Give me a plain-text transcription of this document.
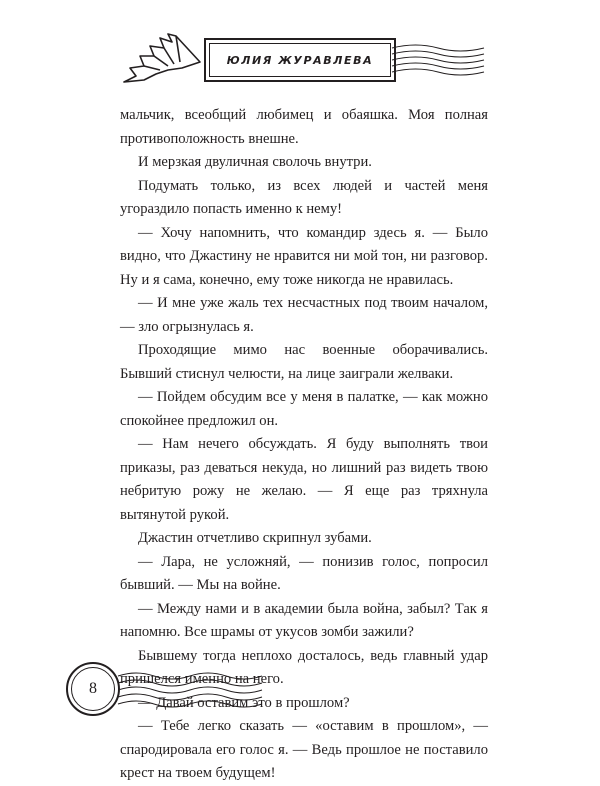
ЮЛИЯ ЖУРАВЛЕВА

мальчик, всеобщий любимец и обаяшка. Моя полная противоположность внешне.

И мерзкая двуличная сволочь внутри.

Подумать только, из всех людей и частей меня угораздило попасть именно к нему!

— Хочу напомнить, что командир здесь я. — Было видно, что Джастину не нравится ни мой тон, ни разговор. Ну и я сама, конечно, ему тоже никогда не нравилась.

— И мне уже жаль тех несчастных под твоим началом, — зло огрызнулась я.

Проходящие мимо нас военные оборачивались. Бывший стиснул челюсти, на лице заиграли желваки.

— Пойдем обсудим все у меня в палатке, — как можно спокойнее предложил он.

— Нам нечего обсуждать. Я буду выполнять твои приказы, раз деваться некуда, но лишний раз видеть твою небритую рожу не желаю. — Я еще раз тряхнула вытянутой рукой.

Джастин отчетливо скрипнул зубами.

— Лара, не усложняй, — понизив голос, попросил бывший. — Мы на войне.

— Между нами и в академии была война, забыл? Так я напомню. Все шрамы от укусов зомби зажили?

Бывшему тогда неплохо досталось, ведь главный удар пришелся именно на него.

— Давай оставим это в прошлом?

— Тебе легко сказать — «оставим в прошлом», — спародировала его голос я. — Ведь прошлое не поставило крест на твоем будущем!

8
